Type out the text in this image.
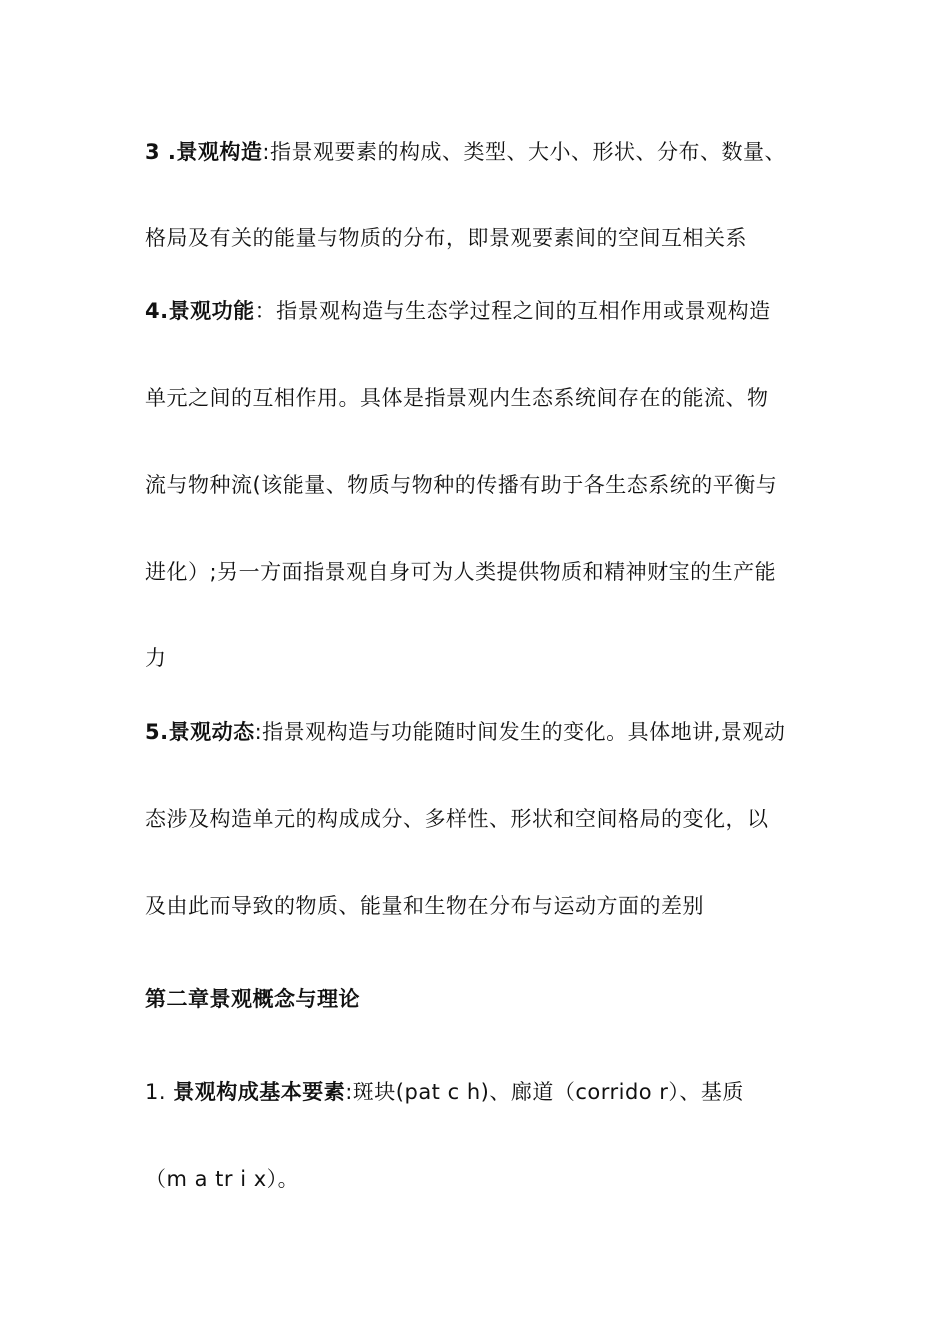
3 .景观构造:指景观要素的构成、类型、大小、形状、分布、数量、
格局及有关的能量与物质的分布，即景观要素间的空间互相关系
4.景观功能：指景观构造与生态学过程之间的互相作用或景观构造
单元之间的互相作用。具体是指景观内生态系统间存在的能流、物
流与物种流(该能量、物质与物种的传播有助于各生态系统的平衡与
进化）;另一方面指景观自身可为人类提供物质和精神财宝的生产能
力
5.景观动态:指景观构造与功能随时间发生的变化。具体地讲,景观动
态涉及构造单元的构成成分、多样性、形状和空间格局的变化，以
及由此而导致的物质、能量和生物在分布与运动方面的差别
第二章景观概念与理论
1. 景观构成基本要素:斑块(pat c h)、廊道（corrido r）、基质
（m a tr i x）。
